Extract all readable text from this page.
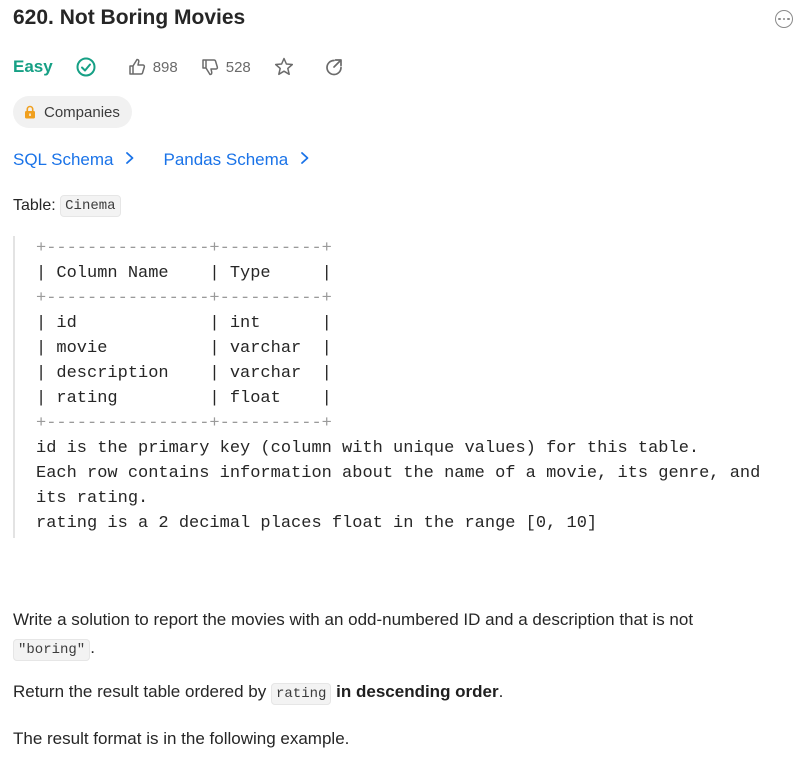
620. Not Boring Movies
Easy	898	528
Companies
SQL Schema	Pandas Schema
Table:
Cinema
+----------------+----------+
| Column Name    | Type     |
+----------------+----------+
| id             | int      |
| movie          | varchar  |
| description    | varchar  |
| rating         | float    |
+----------------+----------+
id is the primary key (column with unique values) for this table.
Each row contains information about the name of a movie, its genre, and
its rating.
rating is a 2 decimal places float in the range [0, 10]
Write a solution to report the movies with an odd-numbered ID and a description that is not
"boring" .
Return the result table ordered by rating in descending order.
The result format is in the following example.
